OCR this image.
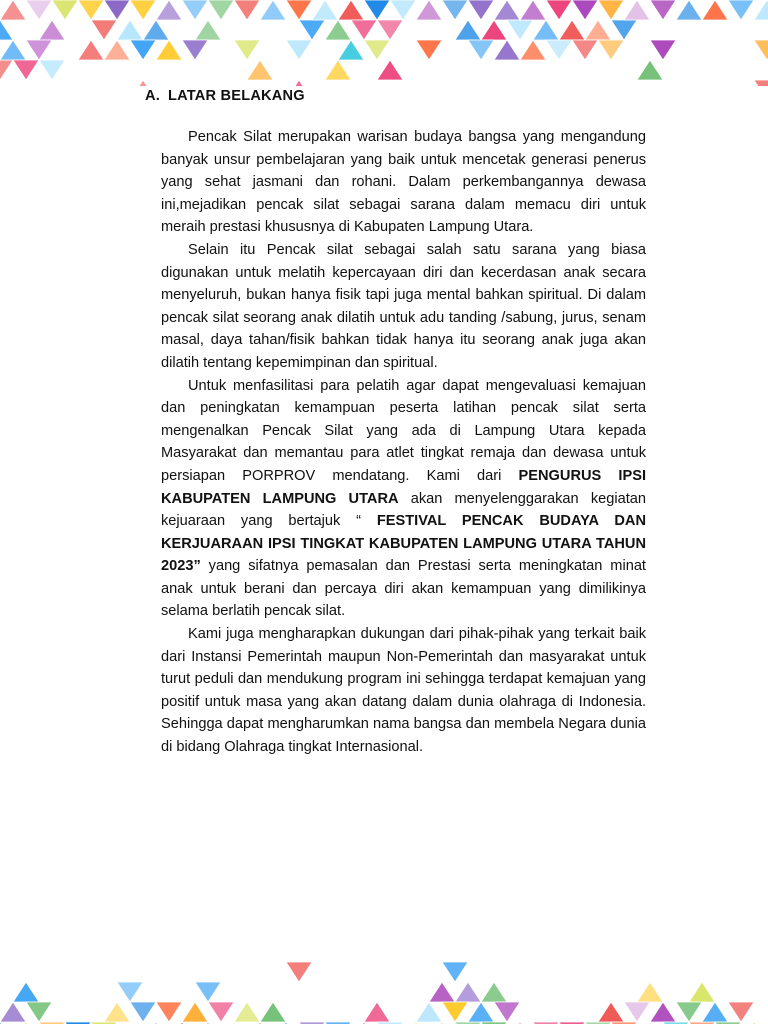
A. LATAR BELAKANG

Pencak Silat merupakan warisan budaya bangsa yang mengandung banyak unsur pembelajaran yang baik untuk mencetak generasi penerus yang sehat jasmani dan rohani. Dalam perkembangannya dewasa ini,mejadikan pencak silat sebagai sarana dalam memacu diri untuk meraih prestasi khususnya di Kabupaten Lampung Utara.

Selain itu Pencak silat sebagai salah satu sarana yang biasa digunakan untuk melatih kepercayaan diri dan kecerdasan anak secara menyeluruh, bukan hanya fisik tapi juga mental bahkan spiritual. Di dalam pencak silat seorang anak dilatih untuk adu tanding /sabung, jurus, senam masal, daya tahan/fisik bahkan tidak hanya itu seorang anak juga akan dilatih tentang kepemimpinan dan spiritual.

Untuk menfasilitasi para pelatih agar dapat mengevaluasi kemajuan dan peningkatan kemampuan peserta latihan pencak silat serta mengenalkan Pencak Silat yang ada di Lampung Utara kepada Masyarakat dan memantau para atlet tingkat remaja dan dewasa untuk persiapan PORPROV mendatang. Kami dari PENGURUS IPSI KABUPATEN LAMPUNG UTARA akan menyelenggarakan kegiatan kejuaraan yang bertajuk “ FESTIVAL PENCAK BUDAYA DAN KERJUARAAN IPSI TINGKAT KABUPATEN LAMPUNG UTARA TAHUN 2023” yang sifatnya pemasalan dan Prestasi serta meningkatan minat anak untuk berani dan percaya diri akan kemampuan yang dimilikinya selama berlatih pencak silat.

Kami juga mengharapkan dukungan dari pihak-pihak yang terkait baik dari Instansi Pemerintah maupun Non-Pemerintah dan masyarakat untuk turut peduli dan mendukung program ini sehingga terdapat kemajuan yang positif untuk masa yang akan datang dalam dunia olahraga di Indonesia. Sehingga dapat mengharumkan nama bangsa dan membela Negara dunia di bidang Olahraga tingkat Internasional.
